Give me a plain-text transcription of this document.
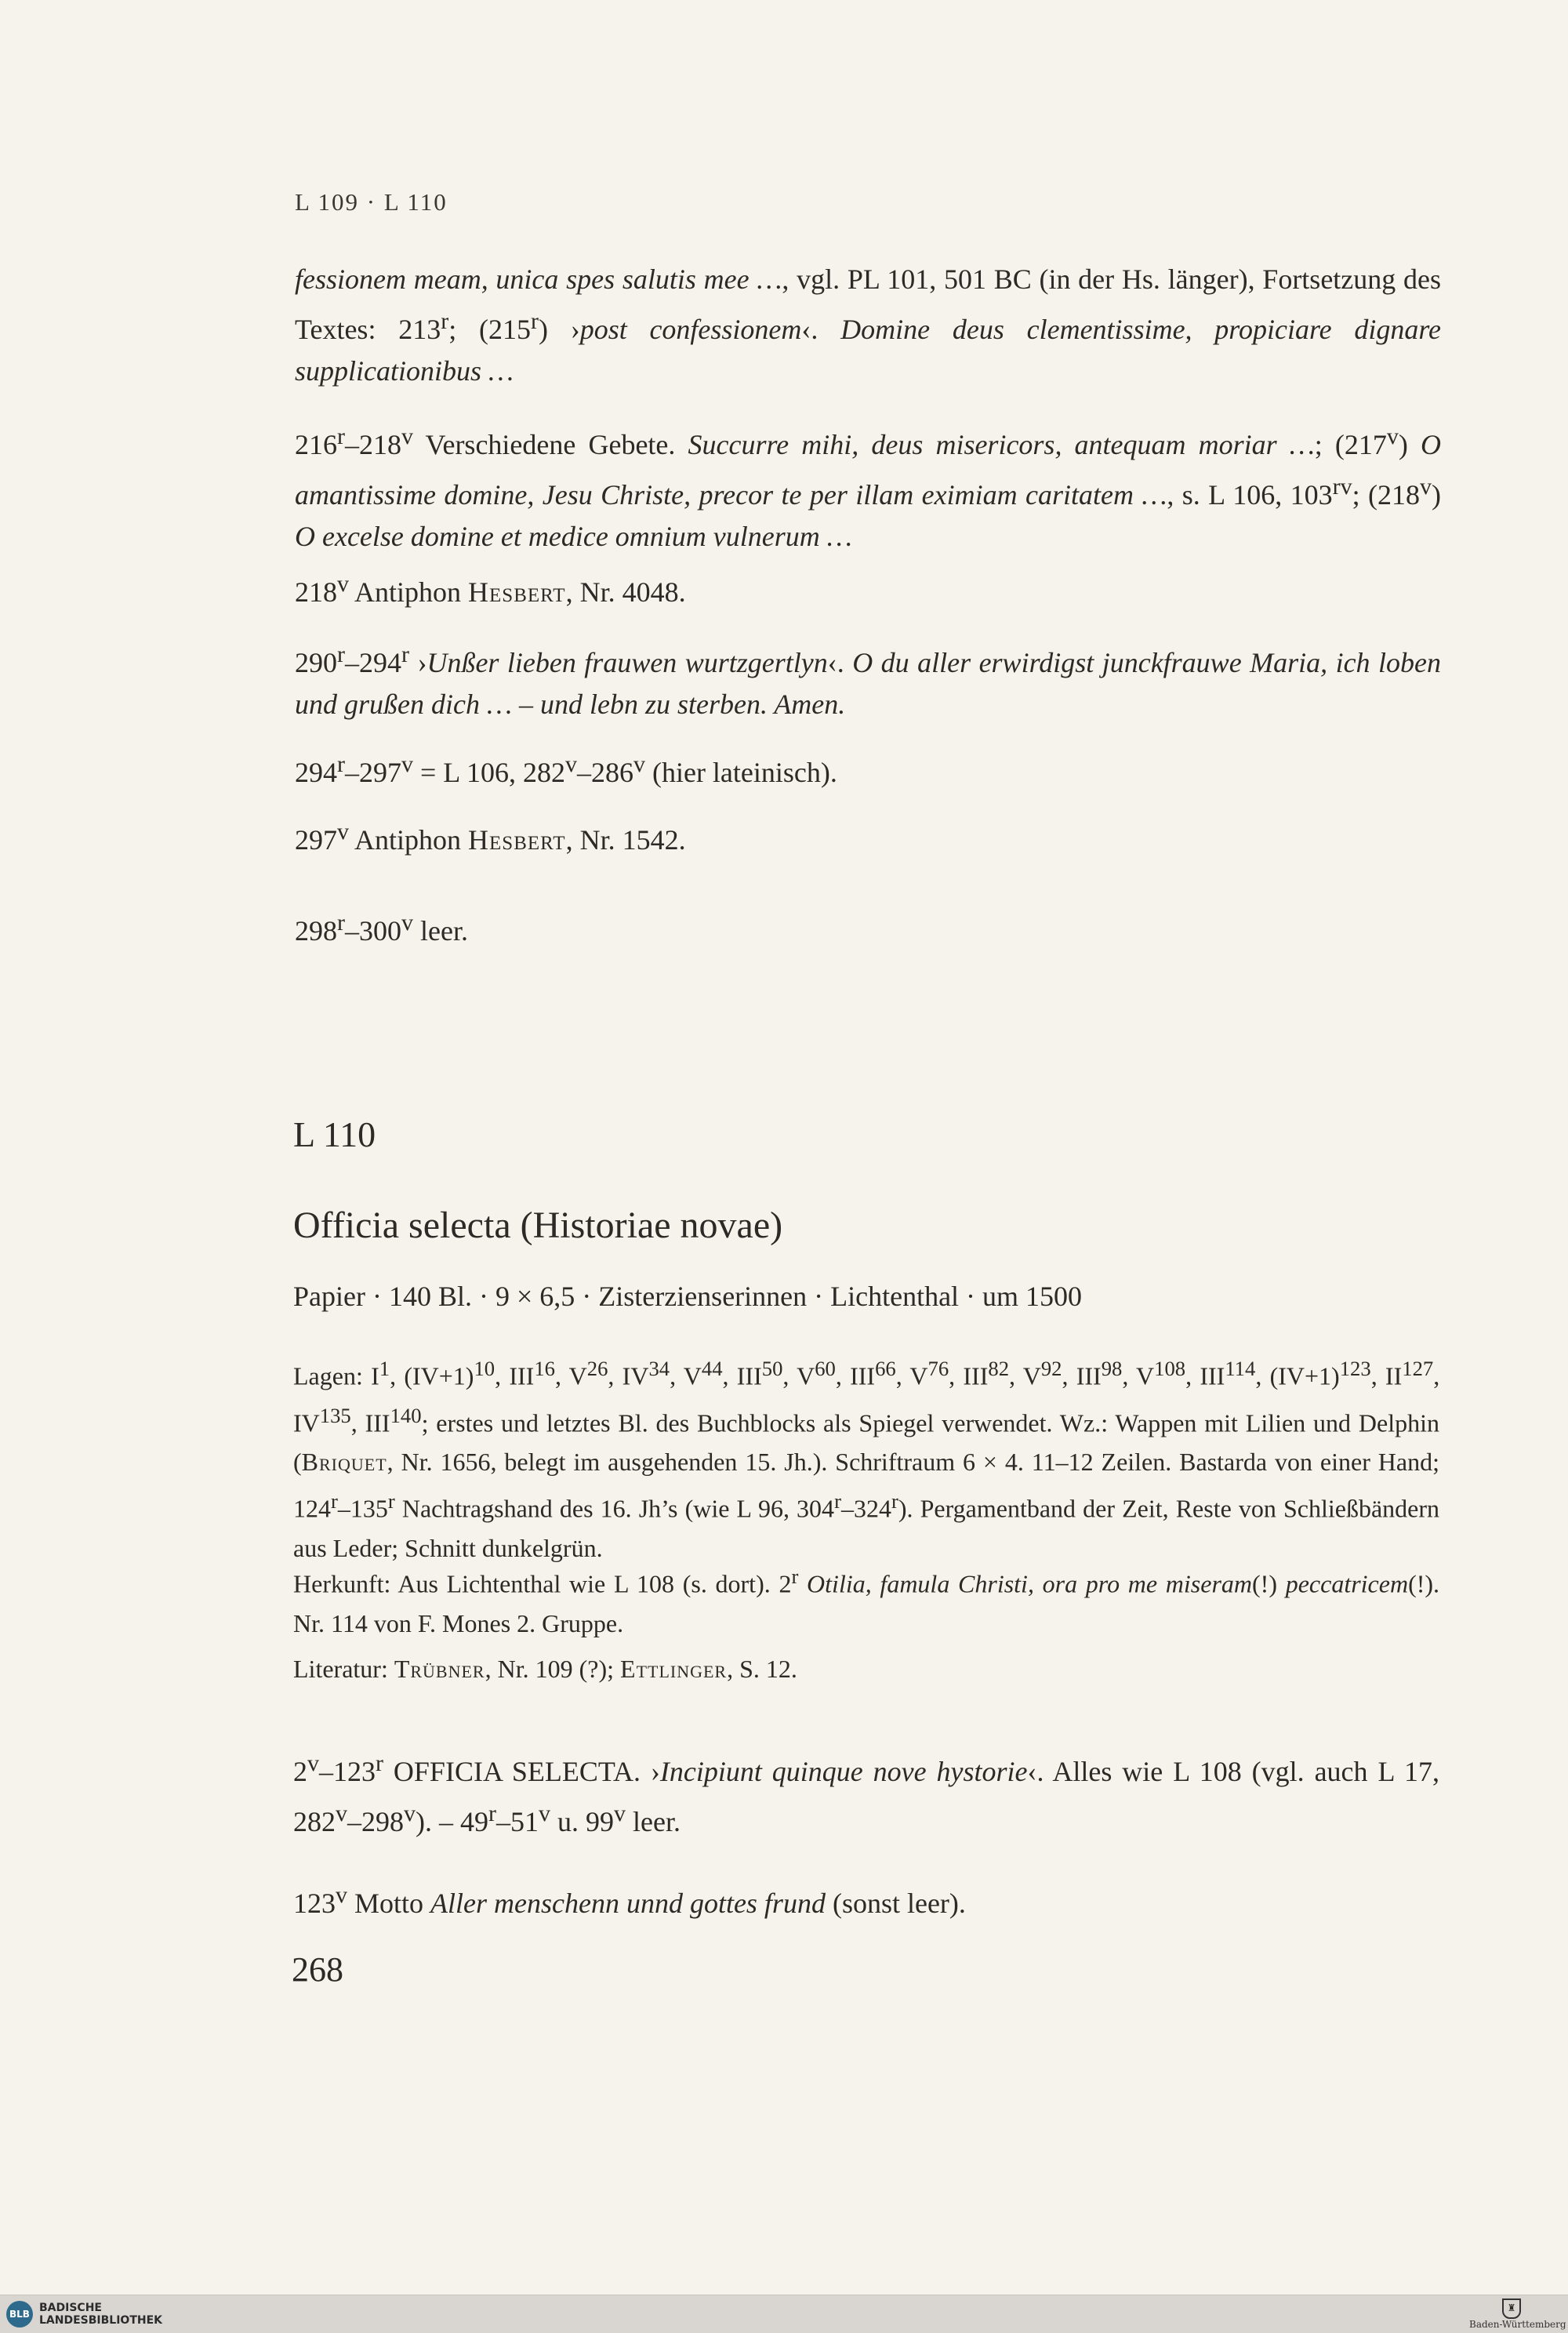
L 109 · L 110
fessionem meam, unica spes salutis mee …, vgl. PL 101, 501 BC (in der Hs. länger), Fortsetzung des Textes: 213$^r$; (215$^r$) ›post confessionem‹. Domine deus clementissime, propiciare dignare supplicationibus …
216$^r$–218$^v$ Verschiedene Gebete. Succurre mihi, deus misericors, antequam moriar …; (217$^v$) O amantissime domine, Jesu Christe, precor te per illam eximiam caritatem …, s. L 106, $103^{rv}$; (218$^v$) O excelse domine et medice omnium vulnerum …
218$^v$ Antiphon Hesbert, Nr. 4048.
290$^r$–294$^r$ ›Unßer lieben frauwen wurtzgertlyn‹. O du aller erwirdigst junckfrauwe Maria, ich loben und grußen dich … – und lebn zu sterben. Amen.
$294^r-297^v = L$ 106, 282$^v$–286$^v$ (hier lateinisch).
297$^v$ Antiphon Hesbert, Nr. 1542.
298$^r$–300$^v$ leer.
L 110
Officia selecta (Historiae novae)
Papier · 140 Bl. · 9 × 6,5 · Zisterzienserinnen · Lichtenthal · um 1500
Lagen: $I^1$, $(IV+1)^{10}$, III$^{16}$, $V^{26}$, IV$^{34}$, $V^{44}$, III$^{50}$, $V^{60}$, III$^{66}$, $V^{76}$, III$^{82}$, $V^{92}$, III$^{98}$, $V^{108}$, III$^{114}$, $(IV+1)^{123}$, II$^{127}$, IV$^{135}$, III$^{140}$; erstes und letztes Bl. des Buchblocks als Spiegel verwendet. Wz.: Wappen mit Lilien und Delphin (Briquet, Nr. 1656, belegt im ausgehenden 15. Jh.). Schriftraum 6 × 4. 11–12 Zeilen. Bastarda von einer Hand; 124$^r$–135$^r$ Nachtragshand des 16. Jh’s (wie L 96, 304$^r$–324$^r$). Pergamentband der Zeit, Reste von Schließbändern aus Leder; Schnitt dunkelgrün.
Herkunft: Aus Lichtenthal wie L 108 (s. dort). 2$^r$ Otilia, famula Christi, ora pro me miseram(!) peccatricem(!). Nr. 114 von F. Mones 2. Gruppe.
Literatur: Trübner, Nr. 109 (?); Ettlinger, S. 12.
2$^v$–123$^r$ OFFICIA SELECTA. ›Incipiunt quinque nove hystorie‹. Alles wie L 108 (vgl. auch L 17, 282$^v$–298$^v$). – 49$^r$–51$^v$ u. 99$^v$ leer.
123$^v$ Motto Aller menschenn unnd gottes frund (sonst leer).
268
BLB BADISCHE
LANDESBIBLIOTHEK
♜
Baden-Württemberg
